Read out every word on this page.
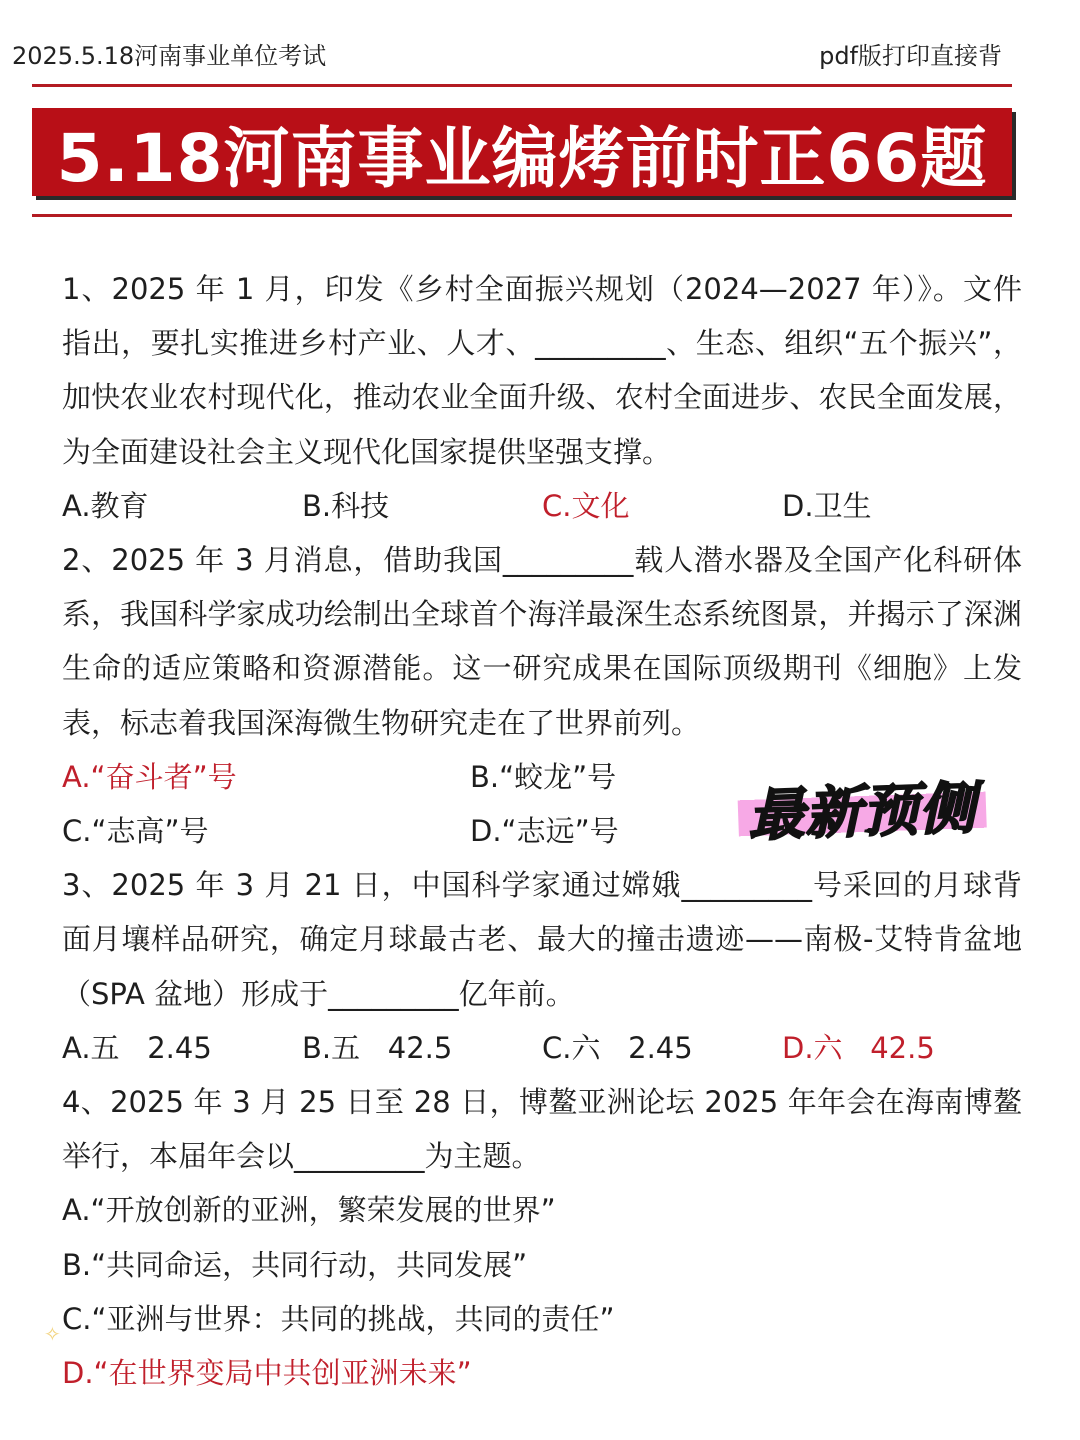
2025.5.18河南事业单位考试	pdf版打印直接背
5.18河南事业编烤前时正66题
1、2025 年 1 月，印发《乡村全面振兴规划（2024—2027 年）》。文件指出，要扎实推进乡村产业、人才、_________、生态、组织“五个振兴”，加快农业农村现代化，推动农业全面升级、农村全面进步、农民全面发展，为全面建设社会主义现代化国家提供坚强支撑。
A.教育	B.科技	C.文化	D.卫生
2、2025 年 3 月消息，借助我国_________载人潜水器及全国产化科研体系，我国科学家成功绘制出全球首个海洋最深生态系统图景，并揭示了深渊生命的适应策略和资源潜能。这一研究成果在国际顶级期刊《细胞》上发表，标志着我国深海微生物研究走在了世界前列。
A.“奋斗者”号	B.“蛟龙”号
C.“志高”号	D.“志远”号
3、2025 年 3 月 21 日，中国科学家通过嫦娥_________号采回的月球背面月壤样品研究，确定月球最古老、最大的撞击遗迹——南极-艾特肯盆地（SPA 盆地）形成于_________亿年前。
A.五   2.45	B.五   42.5	C.六   2.45	D.六   42.5
4、2025 年 3 月 25 日至 28 日，博鳌亚洲论坛 2025 年年会在海南博鳌举行，本届年会以_________为主题。
A.“开放创新的亚洲，繁荣发展的世界”
B.“共同命运，共同行动，共同发展”
C.“亚洲与世界：共同的挑战，共同的责任”
D.“在世界变局中共创亚洲未来”
最新预侧
✧
